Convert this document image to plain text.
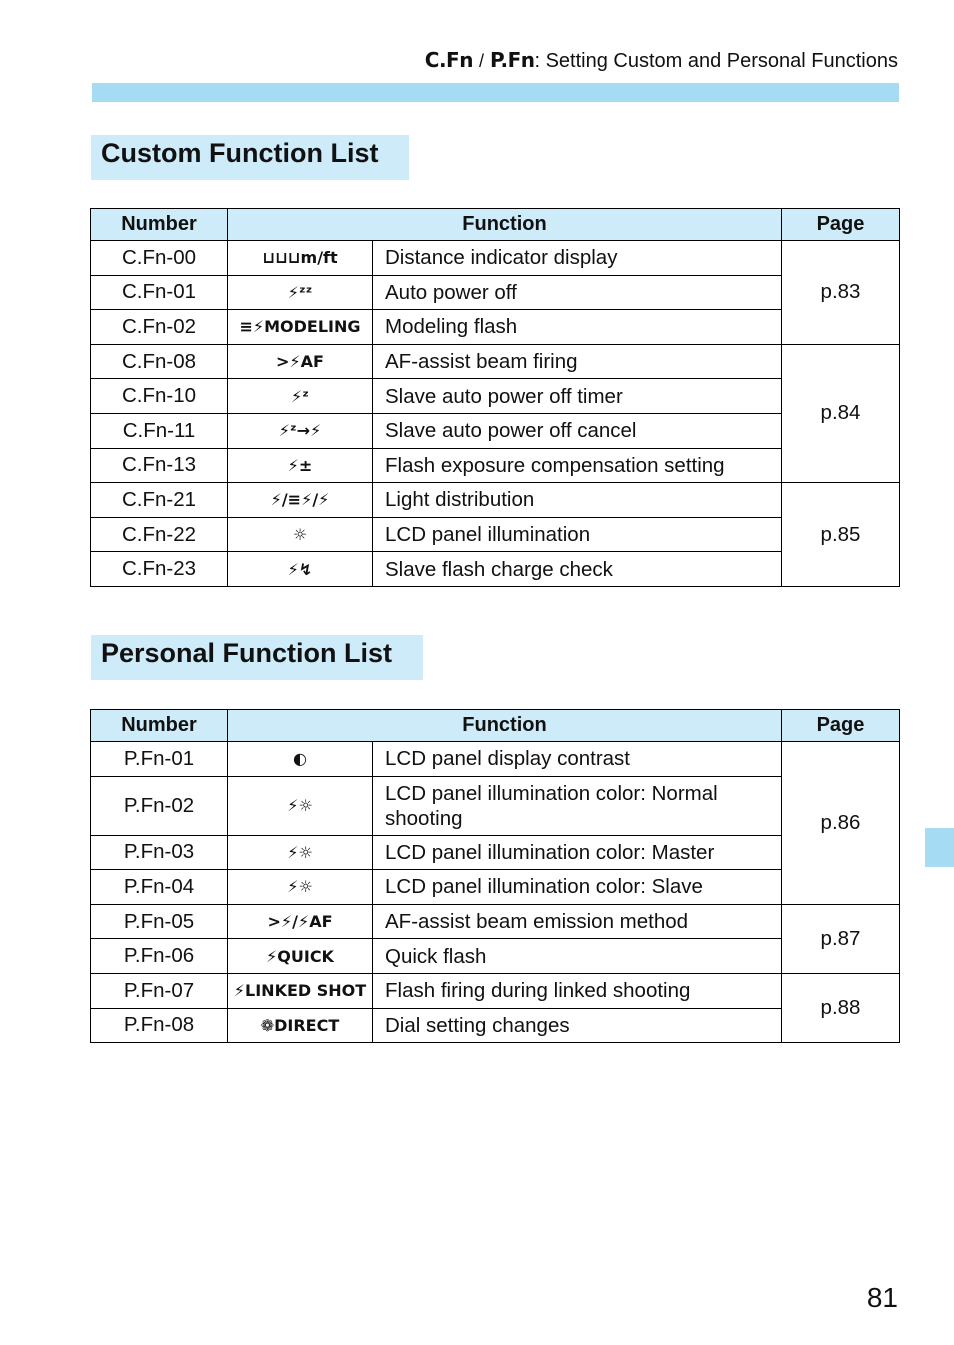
C.Fn / P.Fn: Setting Custom and Personal Functions
Custom Function List
Number	Function		Page
C.Fn-00	⊔⊔⊔m/ft	Distance indicator display	p.83
C.Fn-01	⚡ᶻᶻ	Auto power off	
C.Fn-02	≡⚡MODELING	Modeling flash	
C.Fn-08	>⚡AF	AF-assist beam firing	p.84
C.Fn-10	⚡ᶻ	Slave auto power off timer	
C.Fn-11	⚡ᶻ→⚡	Slave auto power off cancel	
C.Fn-13	⚡±	Flash exposure compensation setting	
C.Fn-21	⚡/≡⚡/⚡	Light distribution	p.85
C.Fn-22	☼	LCD panel illumination	
C.Fn-23	⚡↯	Slave flash charge check	
Personal Function List
Number	Function		Page
P.Fn-01	◐	LCD panel display contrast	p.86
P.Fn-02	⚡☼	LCD panel illumination color: Normal shooting	
P.Fn-03	⚡☼	LCD panel illumination color: Master	
P.Fn-04	⚡☼	LCD panel illumination color: Slave	
P.Fn-05	>⚡/⚡AF	AF-assist beam emission method	p.87
P.Fn-06	⚡QUICK	Quick flash	
P.Fn-07	⚡LINKED SHOT	Flash firing during linked shooting	p.88
P.Fn-08	❁DIRECT	Dial setting changes	
81
